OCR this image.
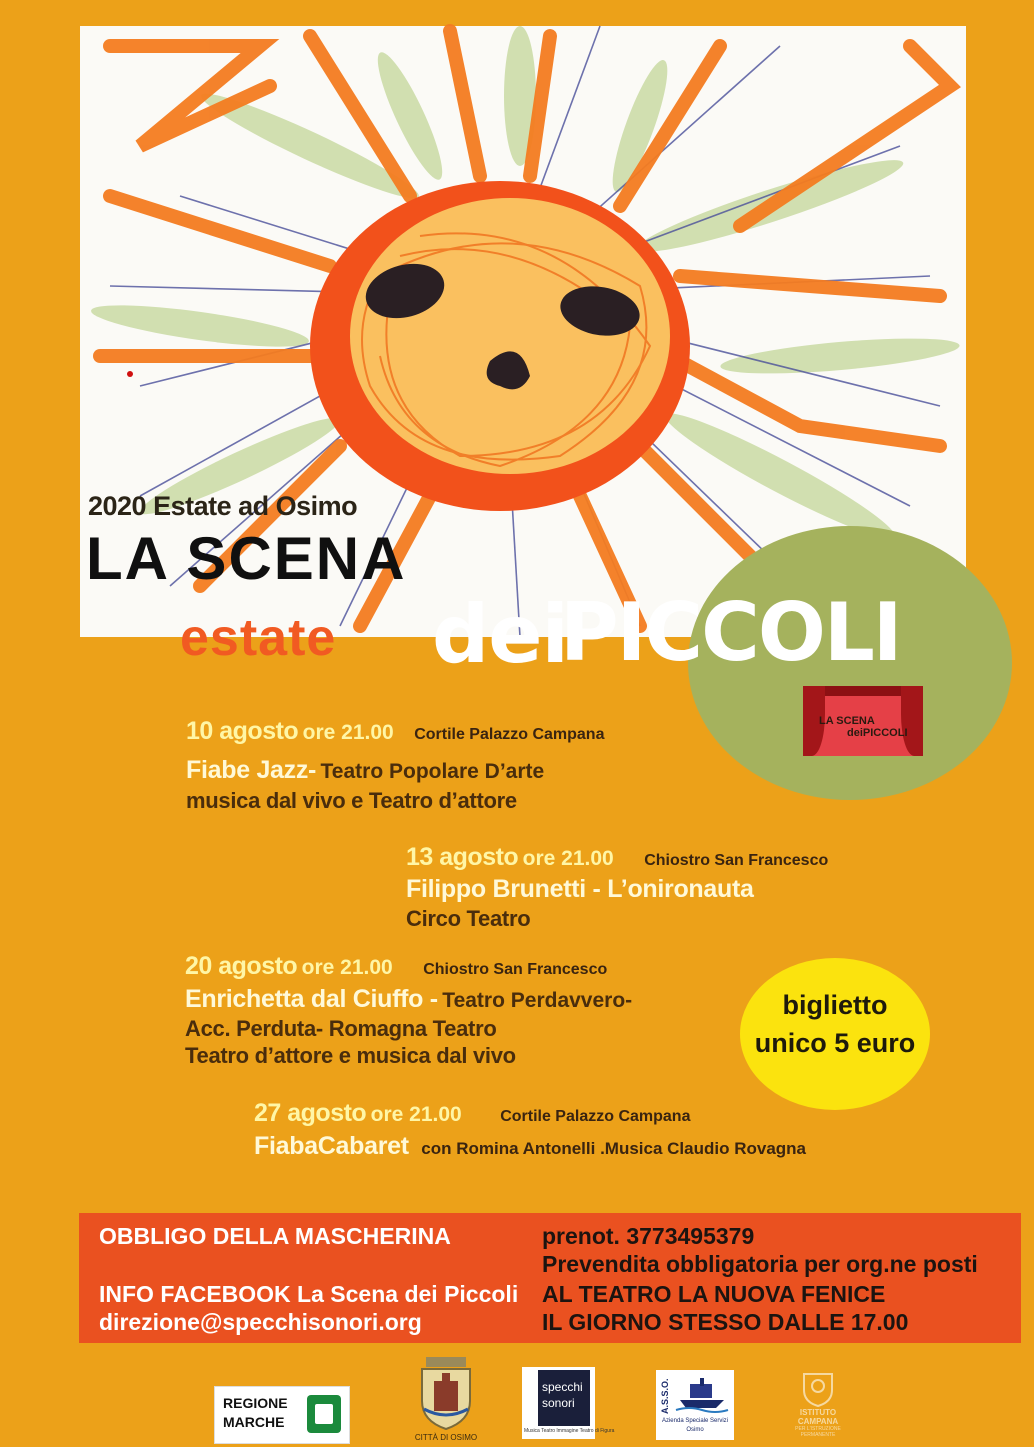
2020 Estate ad Osimo
LA SCENA
estate dei
PICCOLI
LA SCENA
deiPICCOLI
10 agosto ore 21.00 Cortile Palazzo Campana
Fiabe Jazz- Teatro Popolare D’arte
musica dal vivo e Teatro d’attore
13 agosto ore 21.00 Chiostro San Francesco
Filippo Brunetti - L’onironauta
Circo Teatro
20 agosto ore 21.00 Chiostro San Francesco
Enrichetta dal Ciuffo - Teatro Perdavvero-
Acc. Perduta- Romagna Teatro
Teatro d’attore e musica dal vivo
27 agosto ore 21.00 Cortile Palazzo Campana
FiabaCabaret con Romina Antonelli .Musica Claudio Rovagna
biglietto
unico 5 euro
OBBLIGO DELLA MASCHERINA
INFO FACEBOOK La Scena dei Piccoli
direzione@specchisonori.org
prenot. 3773495379
Prevendita obbligatoria per org.ne posti
AL TEATRO LA NUOVA FENICE
IL GIORNO STESSO DALLE 17.00
REGIONE
MARCHE
CITTÀ DI OSIMO
specchi
sonori
Musica Teatro Immagine Teatro di Figura
A.S.S.O.
Azienda Speciale Servizi
Osimo
ISTITUTO
CAMPANA
PER L'ISTRUZIONE
PERMANENTE
